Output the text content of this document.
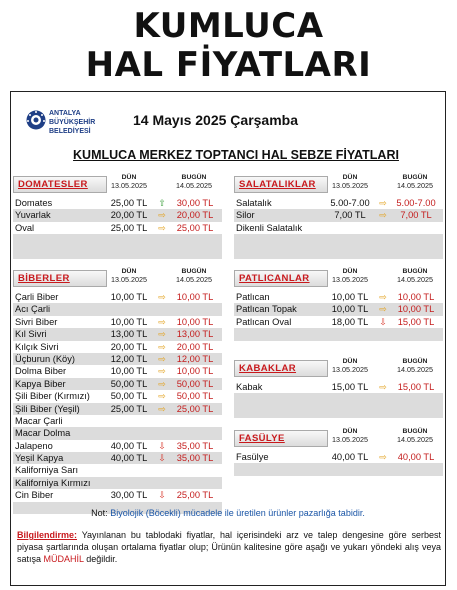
KUMLUCA
HAL FİYATLARI
ANTALYA
BÜYÜKŞEHİR
BELEDİYESİ
14 Mayıs 2025 Çarşamba
KUMLUCA MERKEZ TOPTANCI HAL SEBZE FİYATLARI
DOMATESLER
DÜN
13.05.2025
BUGÜN
14.05.2025
Domates	25,00 TL	⇧	30,00 TL
Yuvarlak	20,00 TL	⇨	20,00 TL
Oval	25,00 TL	⇨	25,00 TL
SALATALIKLAR
DÜN
13.05.2025
BUGÜN
14.05.2025
Salatalık	5.00-7.00	⇨	5.00-7.00
Silor	7,00 TL	⇨	7,00 TL
Dikenli Salatalık
BİBERLER
DÜN
13.05.2025
BUGÜN
14.05.2025
Çarli Biber	10,00 TL	⇨	10,00 TL
Acı Çarli
Sivri Biber	10,00 TL	⇨	10,00 TL
Kıl Sivri	13,00 TL	⇨	13,00 TL
Kılçık Sivri	20,00 TL	⇨	20,00 TL
Üçburun (Köy)	12,00 TL	⇨	12,00 TL
Dolma Biber	10,00 TL	⇨	10,00 TL
Kapya Biber	50,00 TL	⇨	50,00 TL
Şili Biber (Kırmızı)	50,00 TL	⇨	50,00 TL
Şili Biber (Yeşil)	25,00 TL	⇨	25,00 TL
Macar Çarli
Macar Dolma
Jalapeno	40,00 TL	⇩	35,00 TL
Yeşil Kapya	40,00 TL	⇩	35,00 TL
Kaliforniya Sarı
Kaliforniya Kırmızı
Cin Biber	30,00 TL	⇩	25,00 TL
PATLICANLAR
DÜN
13.05.2025
BUGÜN
14.05.2025
Patlıcan	10,00 TL	⇨	10,00 TL
Patlıcan Topak	10,00 TL	⇨	10,00 TL
Patlıcan Oval	18,00 TL	⇩	15,00 TL
KABAKLAR
DÜN
13.05.2025
BUGÜN
14.05.2025
Kabak	15,00 TL	⇨	15,00 TL
FASÜLYE
DÜN
13.05.2025
BUGÜN
14.05.2025
Fasülye	40,00 TL	⇨	40,00 TL
Not: Biyolojik (Böcekli) mücadele ile üretilen ürünler pazarlığa tabidir.
Bilgilendirme: Yayınlanan bu tablodaki fiyatlar, hal içerisindeki arz ve talep dengesine göre serbest piyasa şartlarında oluşan ortalama fiyatlar olup; Ürünün kalitesine göre aşağı ve yukarı yöndeki alış veya satışa MÜDAHİL değildir.
